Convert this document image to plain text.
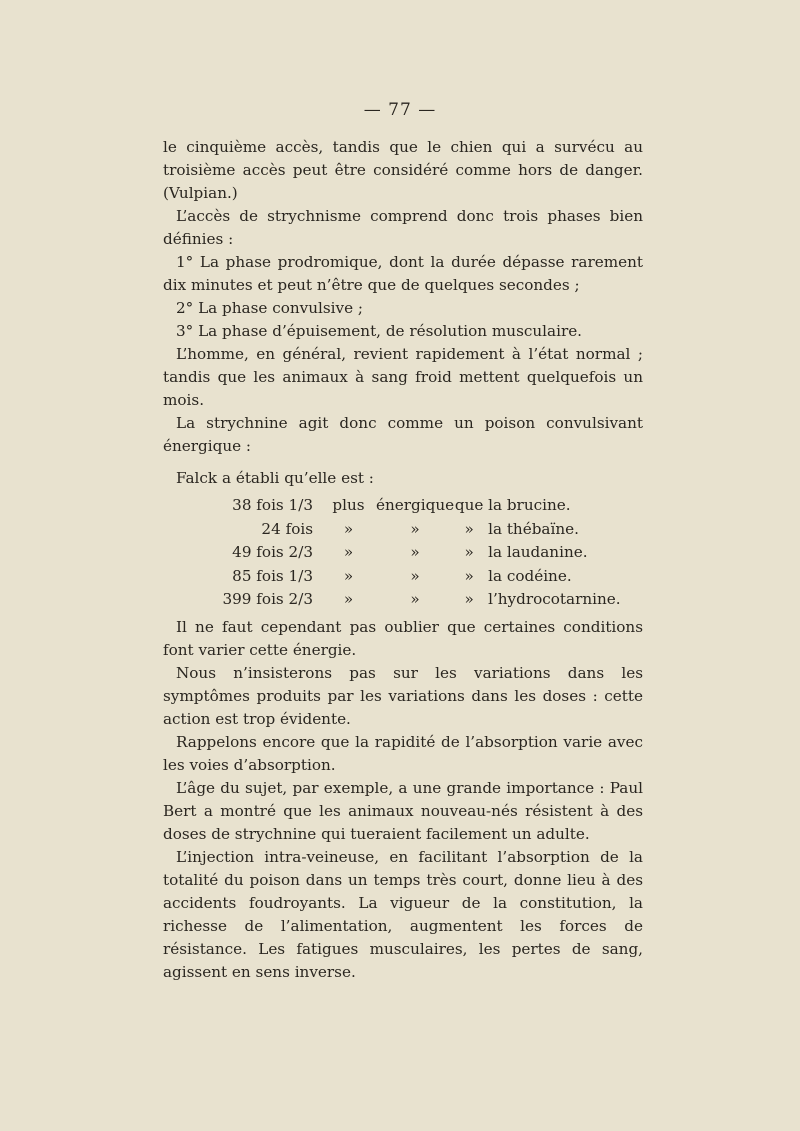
— 77 —

le cinquième accès, tandis que le chien qui a survécu au troisième accès peut être considéré comme hors de danger. (Vulpian.)

L’accès de strychnisme comprend donc trois phases bien définies :

1° La phase prodromique, dont la durée dépasse rarement dix minutes et peut n’être que de quelques secondes ;

2° La phase convulsive ;

3° La phase d’épuisement, de résolution musculaire.

L’homme, en général, revient rapidement à l’état normal ; tandis que les animaux à sang froid mettent quelquefois un mois.

La strychnine agit donc comme un poison convulsivant énergique :

Falck a établi qu’elle est :

38 fois 1/3	plus	énergique	que	la brucine.
24 fois	»	»	»	la thébaïne.
49 fois 2/3	»	»	»	la laudanine.
85 fois 1/3	»	»	»	la codéine.
399 fois 2/3	»	»	»	l’hydrocotarnine.

Il ne faut cependant pas oublier que certaines conditions font varier cette énergie.

Nous n’insisterons pas sur les variations dans les symptômes produits par les variations dans les doses : cette action est trop évidente.

Rappelons encore que la rapidité de l’absorption varie avec les voies d’absorption.

L’âge du sujet, par exemple, a une grande importance : Paul Bert a montré que les animaux nouveau-nés résistent à des doses de strychnine qui tueraient facilement un adulte.

L’injection intra-veineuse, en facilitant l’absorption de la totalité du poison dans un temps très court, donne lieu à des accidents foudroyants. La vigueur de la constitution, la richesse de l’alimentation, augmentent les forces de résistance. Les fatigues musculaires, les pertes de sang, agissent en sens inverse.
